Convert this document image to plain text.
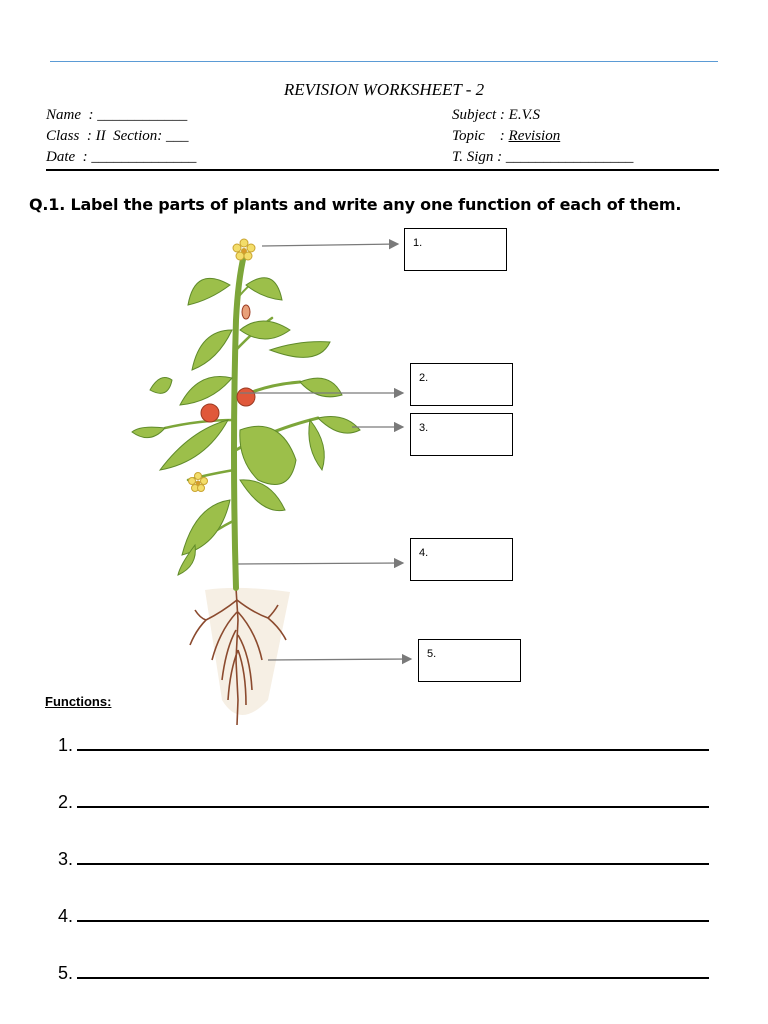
REVISION WORKSHEET - 2
Name  : ____________
Class  : II Section: ___
Date  : ______________
Subject : E.V.S
Topic    : Revision
T. Sign : _________________
Q.1. Label the parts of plants and write any one function of each of them.
1.
2.
3.
4.
5.
Functions:
1.
2.
3.
4.
5.
